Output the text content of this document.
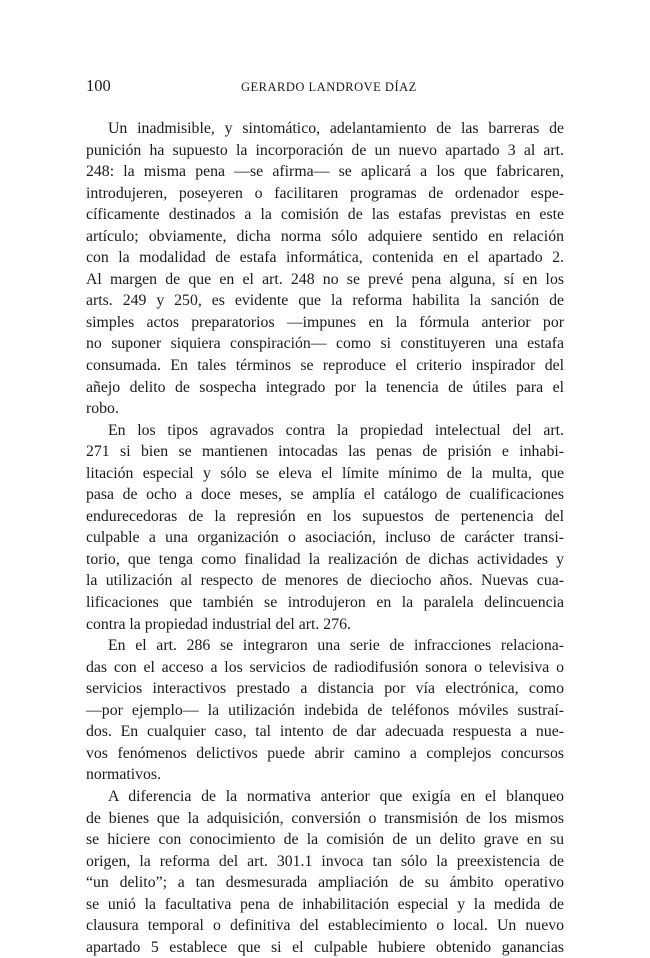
100	GERARDO LANDROVE DÍAZ

Un inadmisible, y sintomático, adelantamiento de las barreras de
punición ha supuesto la incorporación de un nuevo apartado 3 al art.
248: la misma pena —se afirma— se aplicará a los que fabricaren,
introdujeren, poseyeren o facilitaren programas de ordenador espe-
cíficamente destinados a la comisión de las estafas previstas en este
artículo; obviamente, dicha norma sólo adquiere sentido en relación
con la modalidad de estafa informática, contenida en el apartado 2.
Al margen de que en el art. 248 no se prevé pena alguna, sí en los
arts. 249 y 250, es evidente que la reforma habilita la sanción de
simples actos preparatorios —impunes en la fórmula anterior por
no suponer siquiera conspiración— como si constituyeren una estafa
consumada. En tales términos se reproduce el criterio inspirador del
añejo delito de sospecha integrado por la tenencia de útiles para el
robo.

En los tipos agravados contra la propiedad intelectual del art.
271 si bien se mantienen intocadas las penas de prisión e inhabi-
litación especial y sólo se eleva el límite mínimo de la multa, que
pasa de ocho a doce meses, se amplía el catálogo de cualificaciones
endurecedoras de la represión en los supuestos de pertenencia del
culpable a una organización o asociación, incluso de carácter transi-
torio, que tenga como finalidad la realización de dichas actividades y
la utilización al respecto de menores de dieciocho años. Nuevas cua-
lificaciones que también se introdujeron en la paralela delincuencia
contra la propiedad industrial del art. 276.

En el art. 286 se integraron una serie de infracciones relaciona-
das con el acceso a los servicios de radiodifusión sonora o televisiva o
servicios interactivos prestado a distancia por vía electrónica, como
—por ejemplo— la utilización indebida de teléfonos móviles sustraí-
dos. En cualquier caso, tal intento de dar adecuada respuesta a nue-
vos fenómenos delictivos puede abrir camino a complejos concursos
normativos.

A diferencia de la normativa anterior que exigía en el blanqueo
de bienes que la adquisición, conversión o transmisión de los mismos
se hiciere con conocimiento de la comisión de un delito grave en su
origen, la reforma del art. 301.1 invoca tan sólo la preexistencia de
“un delito”; a tan desmesurada ampliación de su ámbito operativo
se unió la facultativa pena de inhabilitación especial y la medida de
clausura temporal o definitiva del establecimiento o local. Un nuevo
apartado 5 establece que si el culpable hubiere obtenido ganancias
